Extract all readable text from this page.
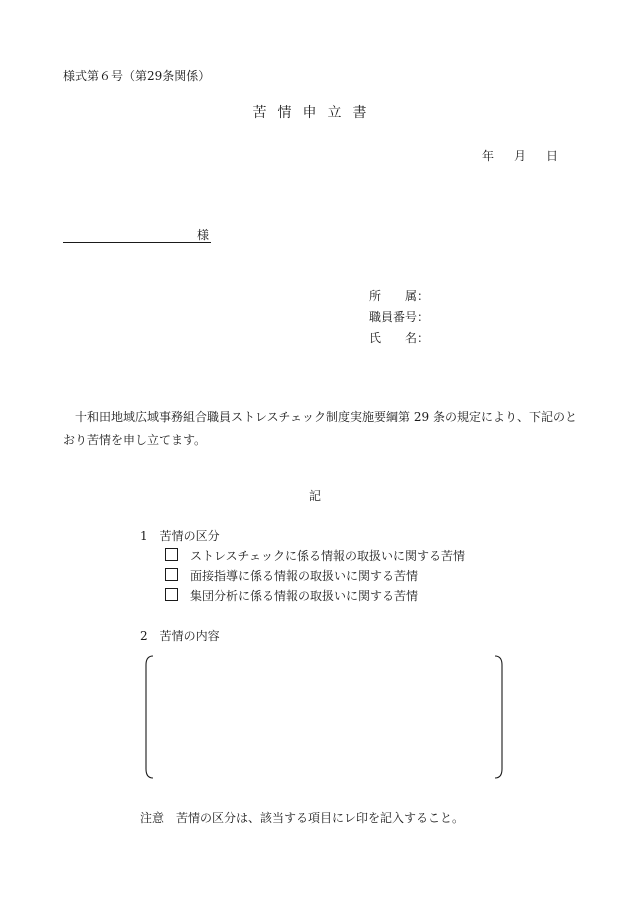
様式第６号（第29条関係）
苦情申立書
年 月 日
様
所　　属：
職員番号：
氏　　名：
十和田地域広域事務組合職員ストレスチェック制度実施要綱第 29 条の規定により、下記のとおり苦情を申し立てます。
記
1　苦情の区分
ストレスチェックに係る情報の取扱いに関する苦情
面接指導に係る情報の取扱いに関する苦情
集団分析に係る情報の取扱いに関する苦情
2　苦情の内容
注意　苦情の区分は、該当する項目にレ印を記入すること。
